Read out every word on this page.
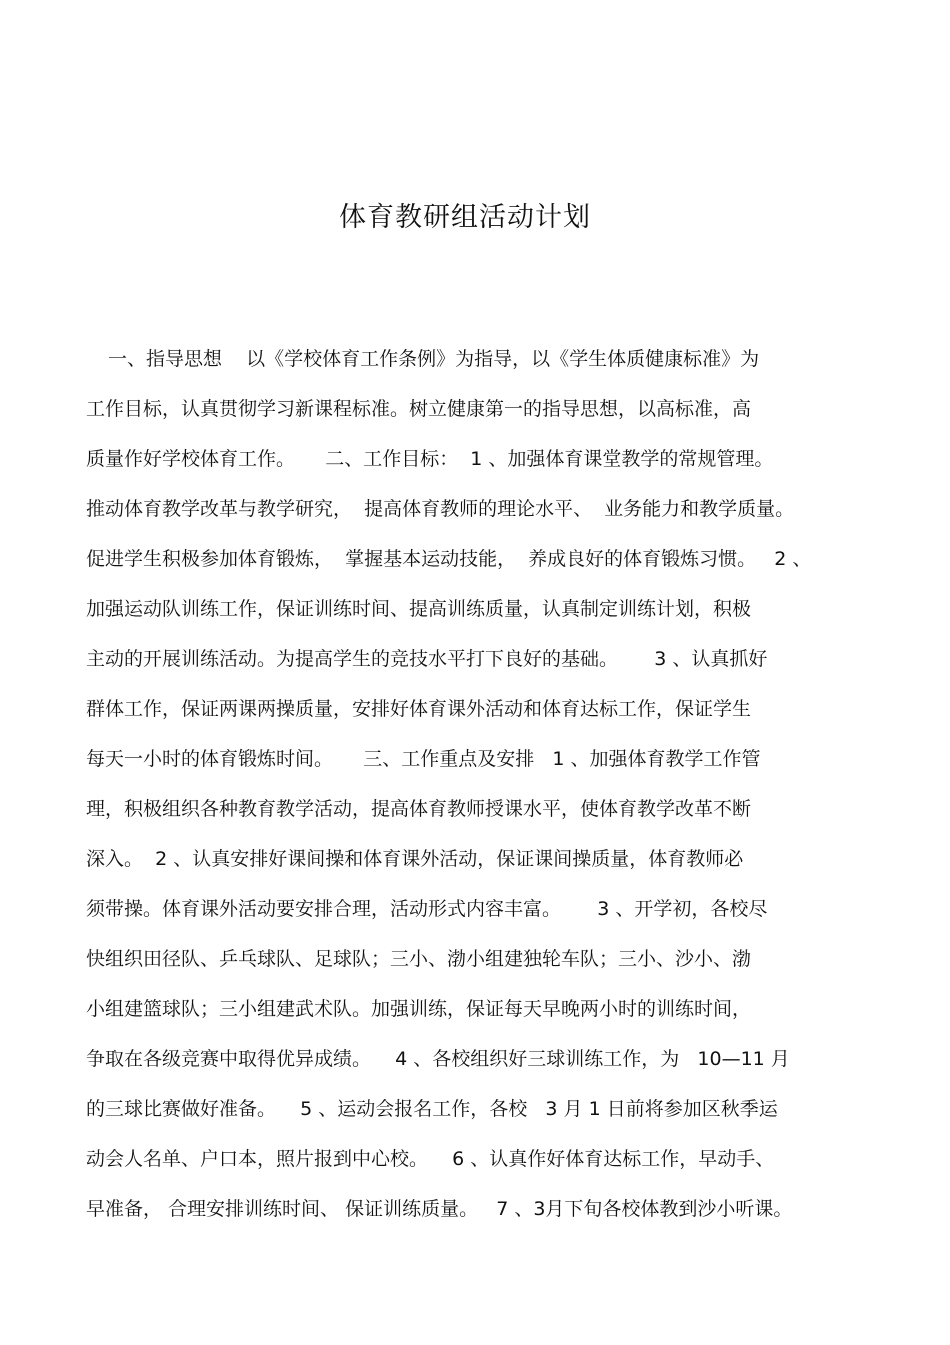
体育教研组活动计划
一、指导思想    以《学校体育工作条例》为指导，以《学生体质健康标准》为
工作目标，认真贯彻学习新课程标准。树立健康第一的指导思想，以高标准，高
质量作好学校体育工作。     二、工作目标：  1 、加强体育课堂教学的常规管理。
推动体育教学改革与教学研究，  提高体育教师的理论水平、  业务能力和教学质量。
促进学生积极参加体育锻炼，  掌握基本运动技能，  养成良好的体育锻炼习惯。   2 、
加强运动队训练工作，保证训练时间、提高训练质量，认真制定训练计划，积极
主动的开展训练活动。为提高学生的竞技水平打下良好的基础。      3 、认真抓好
群体工作，保证两课两操质量，安排好体育课外活动和体育达标工作，保证学生
每天一小时的体育锻炼时间。     三、工作重点及安排   1 、加强体育教学工作管
理，积极组织各种教育教学活动，提高体育教师授课水平，使体育教学改革不断
深入。  2 、认真安排好课间操和体育课外活动，保证课间操质量，体育教师必
须带操。体育课外活动要安排合理，活动形式内容丰富。      3 、开学初，各校尽
快组织田径队、乒乓球队、足球队；三小、渤小组建独轮车队；三小、沙小、渤
小组建篮球队；三小组建武术队。加强训练，保证每天早晚两小时的训练时间，
争取在各级竞赛中取得优异成绩。    4 、各校组织好三球训练工作，为   10—11 月
的三球比赛做好准备。    5 、运动会报名工作，各校   3 月 1 日前将参加区秋季运
动会人名单、户口本，照片报到中心校。    6 、认真作好体育达标工作，早动手、
早准备， 合理安排训练时间、 保证训练质量。   7 、3月下旬各校体教到沙小听课。
